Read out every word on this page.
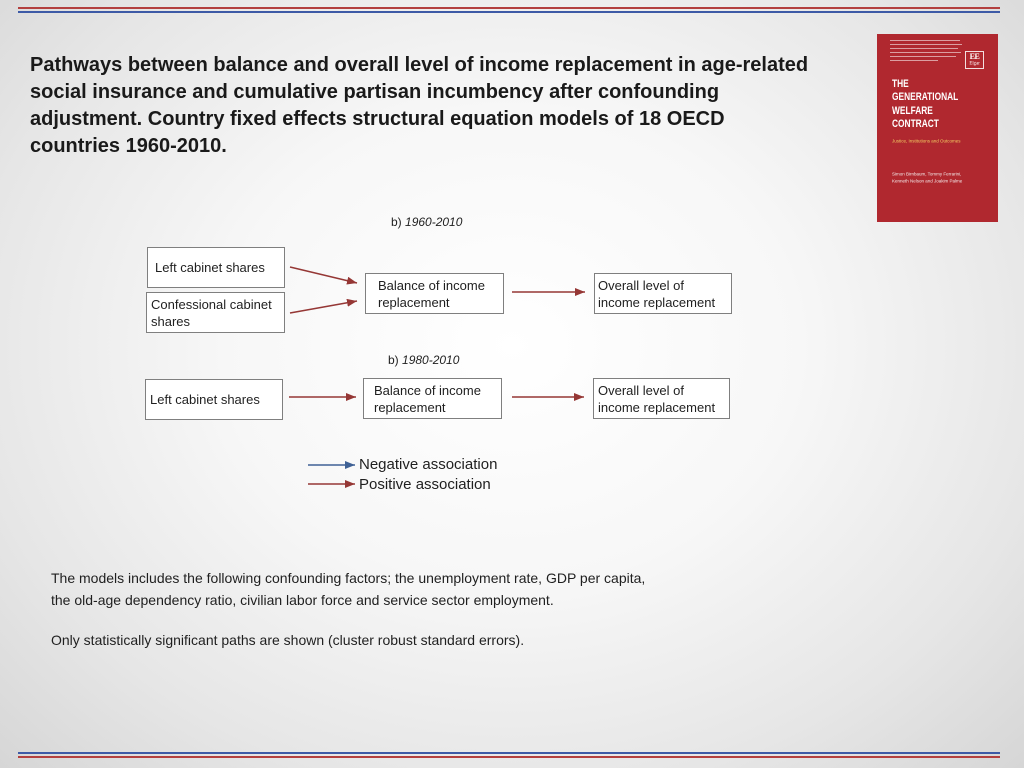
Pathways between balance and overall level of income replacement in age-related
social insurance and cumulative partisan incumbency after confounding
adjustment. Country fixed effects structural equation models of 18 OECD
countries 1960-2010.
EE
Elgar
THE
GENERATIONAL
WELFARE
CONTRACT
Justice, Institutions and Outcomes
Simon Birnbaum, Tommy Ferrarini,
Kenneth Nelson and Joakim Palme
b) 1960-2010
Left cabinet shares
Confessional cabinet shares
Balance of income replacement
Overall level of income replacement
b) 1980-2010
Left cabinet shares
Balance of income replacement
Overall level of income replacement
Negative association
Positive association
The models includes the following confounding factors; the unemployment rate, GDP per capita,
the old-age dependency ratio, civilian labor force and service sector employment.
Only statistically significant paths are shown (cluster robust standard errors).
